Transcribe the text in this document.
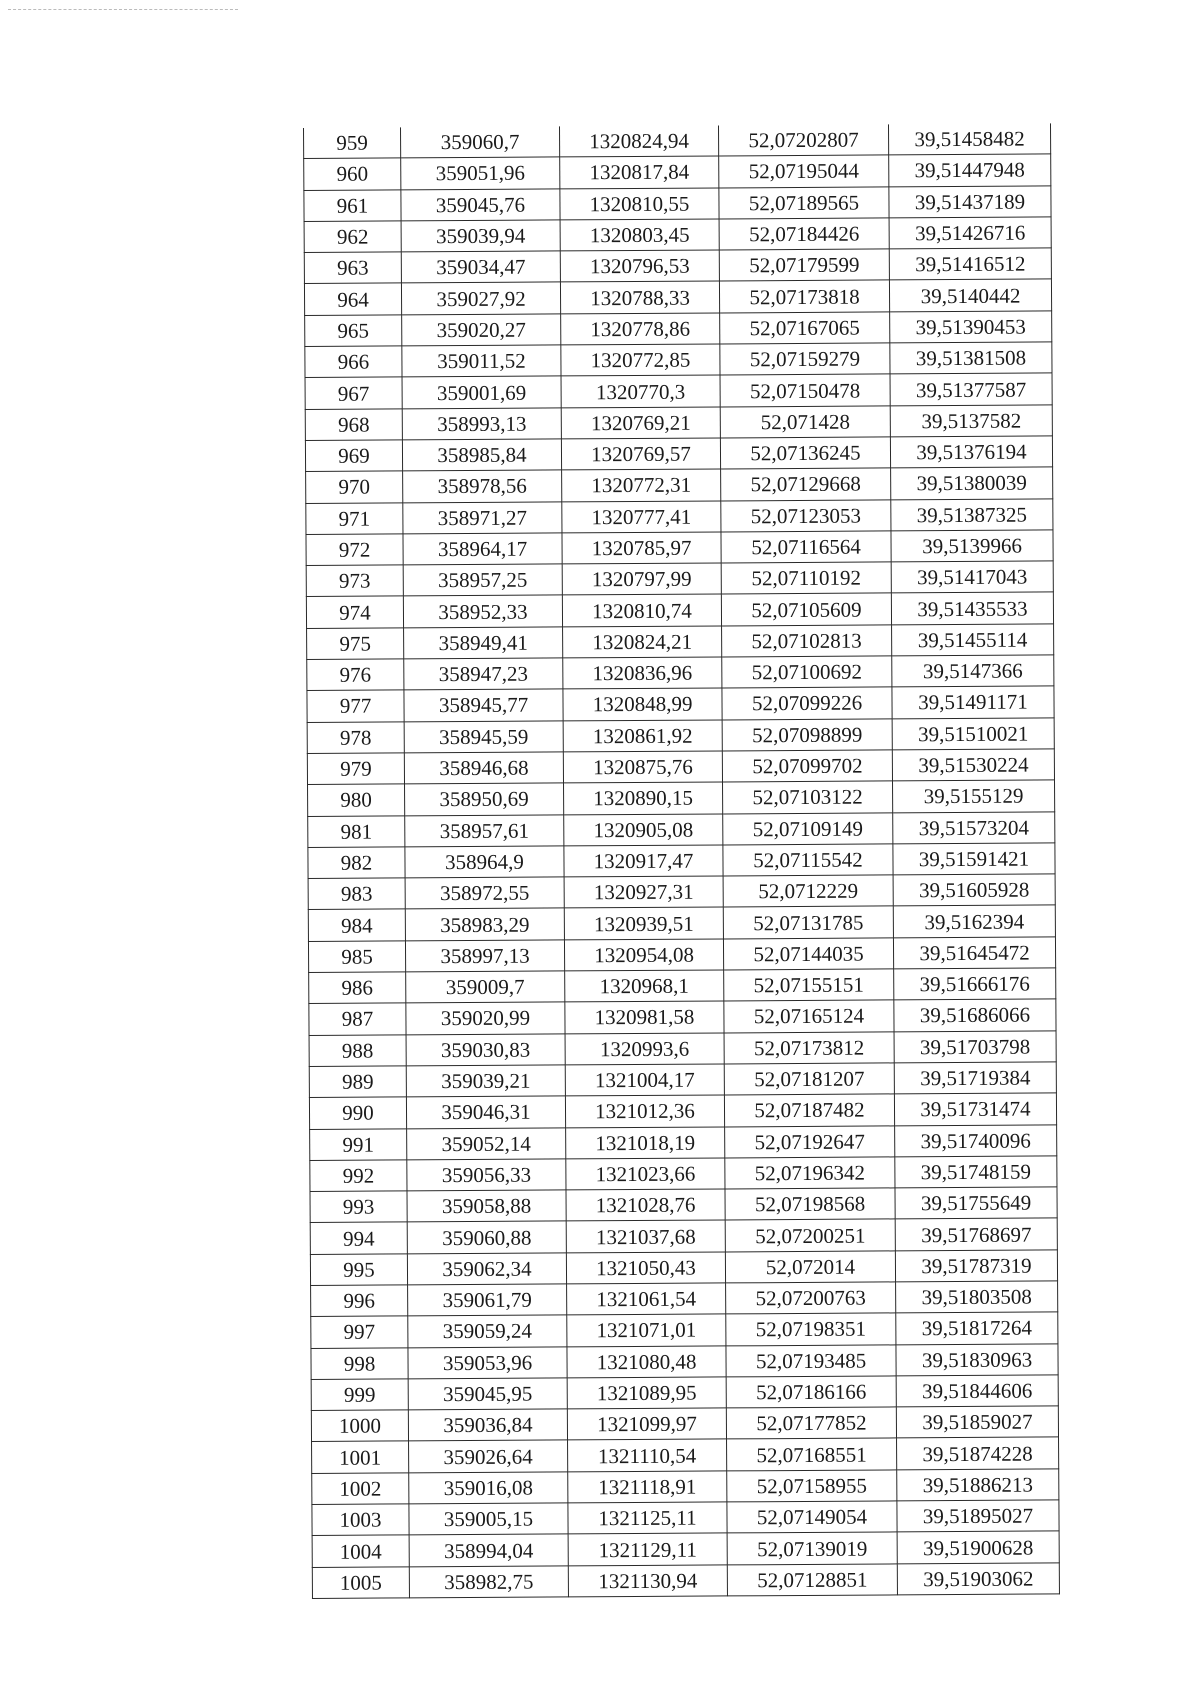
959	359060,7	1320824,94	52,07202807	39,51458482
960	359051,96	1320817,84	52,07195044	39,51447948
961	359045,76	1320810,55	52,07189565	39,51437189
962	359039,94	1320803,45	52,07184426	39,51426716
963	359034,47	1320796,53	52,07179599	39,51416512
964	359027,92	1320788,33	52,07173818	39,5140442
965	359020,27	1320778,86	52,07167065	39,51390453
966	359011,52	1320772,85	52,07159279	39,51381508
967	359001,69	1320770,3	52,07150478	39,51377587
968	358993,13	1320769,21	52,071428	39,5137582
969	358985,84	1320769,57	52,07136245	39,51376194
970	358978,56	1320772,31	52,07129668	39,51380039
971	358971,27	1320777,41	52,07123053	39,51387325
972	358964,17	1320785,97	52,07116564	39,5139966
973	358957,25	1320797,99	52,07110192	39,51417043
974	358952,33	1320810,74	52,07105609	39,51435533
975	358949,41	1320824,21	52,07102813	39,51455114
976	358947,23	1320836,96	52,07100692	39,5147366
977	358945,77	1320848,99	52,07099226	39,51491171
978	358945,59	1320861,92	52,07098899	39,51510021
979	358946,68	1320875,76	52,07099702	39,51530224
980	358950,69	1320890,15	52,07103122	39,5155129
981	358957,61	1320905,08	52,07109149	39,51573204
982	358964,9	1320917,47	52,07115542	39,51591421
983	358972,55	1320927,31	52,0712229	39,51605928
984	358983,29	1320939,51	52,07131785	39,5162394
985	358997,13	1320954,08	52,07144035	39,51645472
986	359009,7	1320968,1	52,07155151	39,51666176
987	359020,99	1320981,58	52,07165124	39,51686066
988	359030,83	1320993,6	52,07173812	39,51703798
989	359039,21	1321004,17	52,07181207	39,51719384
990	359046,31	1321012,36	52,07187482	39,51731474
991	359052,14	1321018,19	52,07192647	39,51740096
992	359056,33	1321023,66	52,07196342	39,51748159
993	359058,88	1321028,76	52,07198568	39,51755649
994	359060,88	1321037,68	52,07200251	39,51768697
995	359062,34	1321050,43	52,072014	39,51787319
996	359061,79	1321061,54	52,07200763	39,51803508
997	359059,24	1321071,01	52,07198351	39,51817264
998	359053,96	1321080,48	52,07193485	39,51830963
999	359045,95	1321089,95	52,07186166	39,51844606
1000	359036,84	1321099,97	52,07177852	39,51859027
1001	359026,64	1321110,54	52,07168551	39,51874228
1002	359016,08	1321118,91	52,07158955	39,51886213
1003	359005,15	1321125,11	52,07149054	39,51895027
1004	358994,04	1321129,11	52,07139019	39,51900628
1005	358982,75	1321130,94	52,07128851	39,51903062
